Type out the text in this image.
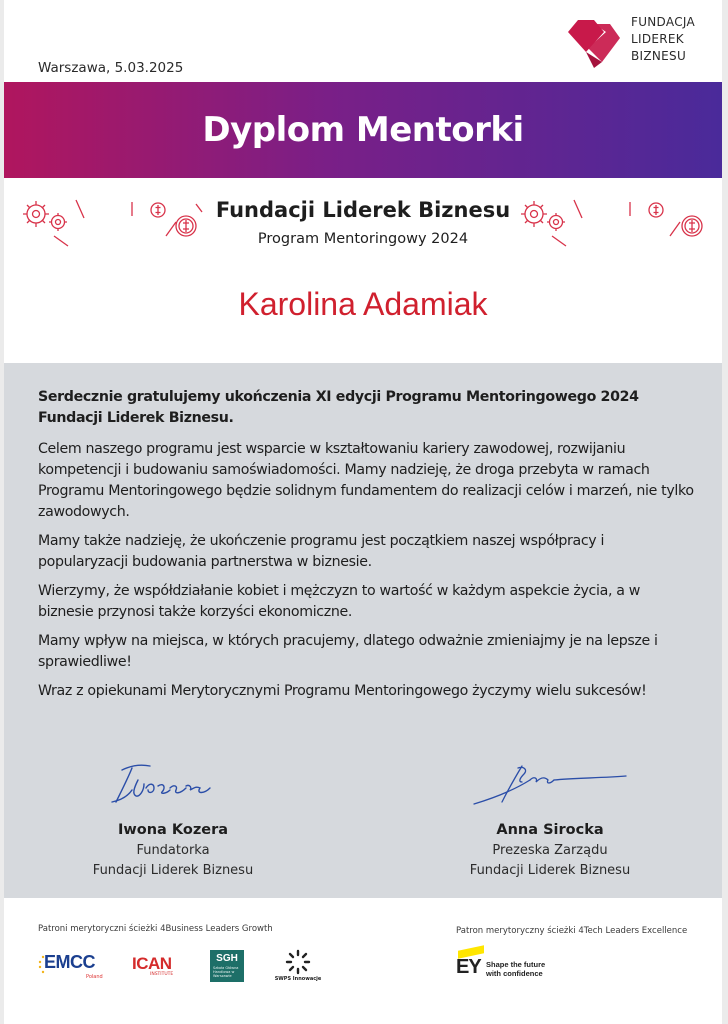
Warszawa, 5.03.2025
FUNDACJA
LIDEREK
BIZNESU
Dyplom Mentorki
Fundacji Liderek Biznesu
Program Mentoringowy 2024
Karolina Adamiak

Serdecznie gratulujemy ukończenia XI edycji Programu Mentoringowego 2024 Fundacji Liderek Biznesu.

Celem naszego programu jest wsparcie w kształtowaniu kariery zawodowej, rozwijaniu kompetencji i budowaniu samoświadomości. Mamy nadzieję, że droga przebyta w ramach Programu Mentoringowego będzie solidnym fundamentem do realizacji celów i marzeń, nie tylko zawodowych.

Mamy także nadzieję, że ukończenie programu jest początkiem naszej współpracy i popularyzacji budowania partnerstwa w biznesie.

Wierzymy, że współdziałanie kobiet i mężczyzn to wartość w każdym aspekcie życia, a w biznesie przynosi także korzyści ekonomiczne.

Mamy wpływ na miejsca, w których pracujemy, dlatego odważnie zmieniajmy je na lepsze i sprawiedliwe!

Wraz z opiekunami Merytorycznymi Programu Mentoringowego życzymy wielu sukcesów!

Iwona Kozera
Fundatorka
Fundacji Liderek Biznesu
Anna Sirocka
Prezeska Zarządu
Fundacji Liderek Biznesu
Patroni merytoryczni ścieżki 4Business Leaders Growth	Patron merytoryczny ścieżki 4Tech Leaders Excellence
EMCC
Poland
ICAN
INSTITUTE
SGH
Szkoła Główna Handlowa w Warszawie	SWPS Innowacje
EY Shape the future
with confidence
